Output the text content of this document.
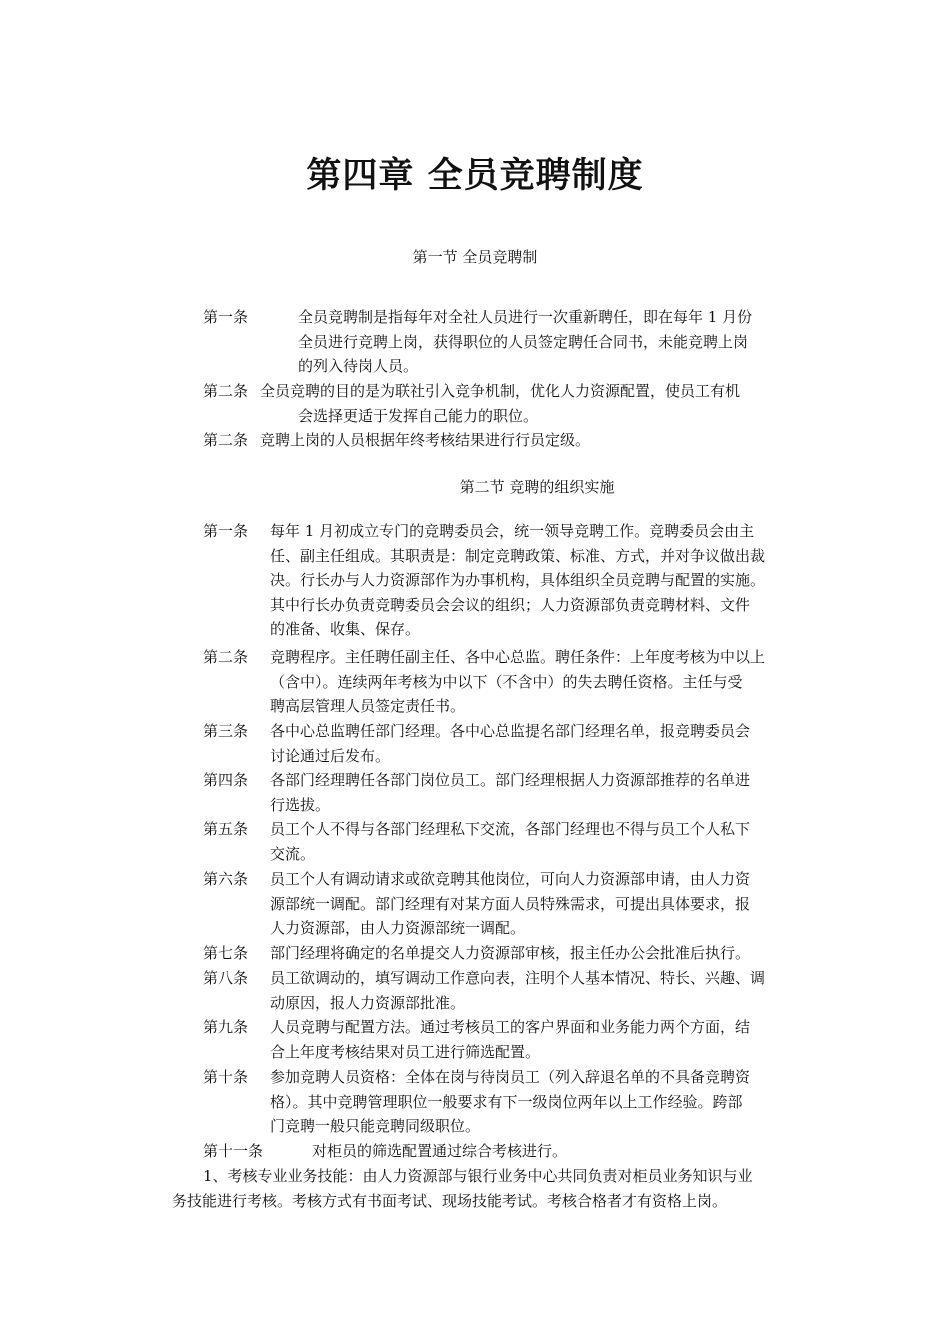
第四章 全员竞聘制度
第一节 全员竞聘制
第一条	全员竞聘制是指每年对全社人员进行一次重新聘任，即在每年 1 月份
全员进行竞聘上岗，获得职位的人员签定聘任合同书，未能竞聘上岗
的列入待岗人员。
第二条 全员竞聘的目的是为联社引入竞争机制，优化人力资源配置，使员工有机
会选择更适于发挥自己能力的职位。
第二条 竞聘上岗的人员根据年终考核结果进行行员定级。
第二节 竞聘的组织实施
第一条 每年 1 月初成立专门的竞聘委员会，统一领导竞聘工作。竞聘委员会由主
任、副主任组成。其职责是：制定竞聘政策、标准、方式，并对争议做出裁
决。行长办与人力资源部作为办事机构，具体组织全员竞聘与配置的实施。
其中行长办负责竞聘委员会会议的组织；人力资源部负责竞聘材料、文件
的准备、收集、保存。
第二条 竞聘程序。主任聘任副主任、各中心总监。聘任条件：上年度考核为中以上
（含中）。连续两年考核为中以下（不含中）的失去聘任资格。主任与受
聘高层管理人员签定责任书。
第三条 各中心总监聘任部门经理。各中心总监提名部门经理名单，报竞聘委员会
讨论通过后发布。
第四条 各部门经理聘任各部门岗位员工。部门经理根据人力资源部推荐的名单进
行选拔。
第五条 员工个人不得与各部门经理私下交流，各部门经理也不得与员工个人私下
交流。
第六条 员工个人有调动请求或欲竞聘其他岗位，可向人力资源部申请，由人力资
源部统一调配。部门经理有对某方面人员特殊需求，可提出具体要求，报
人力资源部，由人力资源部统一调配。
第七条 部门经理将确定的名单提交人力资源部审核，报主任办公会批准后执行。
第八条 员工欲调动的，填写调动工作意向表，注明个人基本情况、特长、兴趣、调
动原因，报人力资源部批准。
第九条 人员竞聘与配置方法。通过考核员工的客户界面和业务能力两个方面，结
合上年度考核结果对员工进行筛选配置。
第十条 参加竞聘人员资格：全体在岗与待岗员工（列入辞退名单的不具备竞聘资
格）。其中竞聘管理职位一般要求有下一级岗位两年以上工作经验。跨部
门竞聘一般只能竞聘同级职位。
第十一条	对柜员的筛选配置通过综合考核进行。
1、考核专业业务技能：由人力资源部与银行业务中心共同负责对柜员业务知识与业
务技能进行考核。考核方式有书面考试、现场技能考试。考核合格者才有资格上岗。
